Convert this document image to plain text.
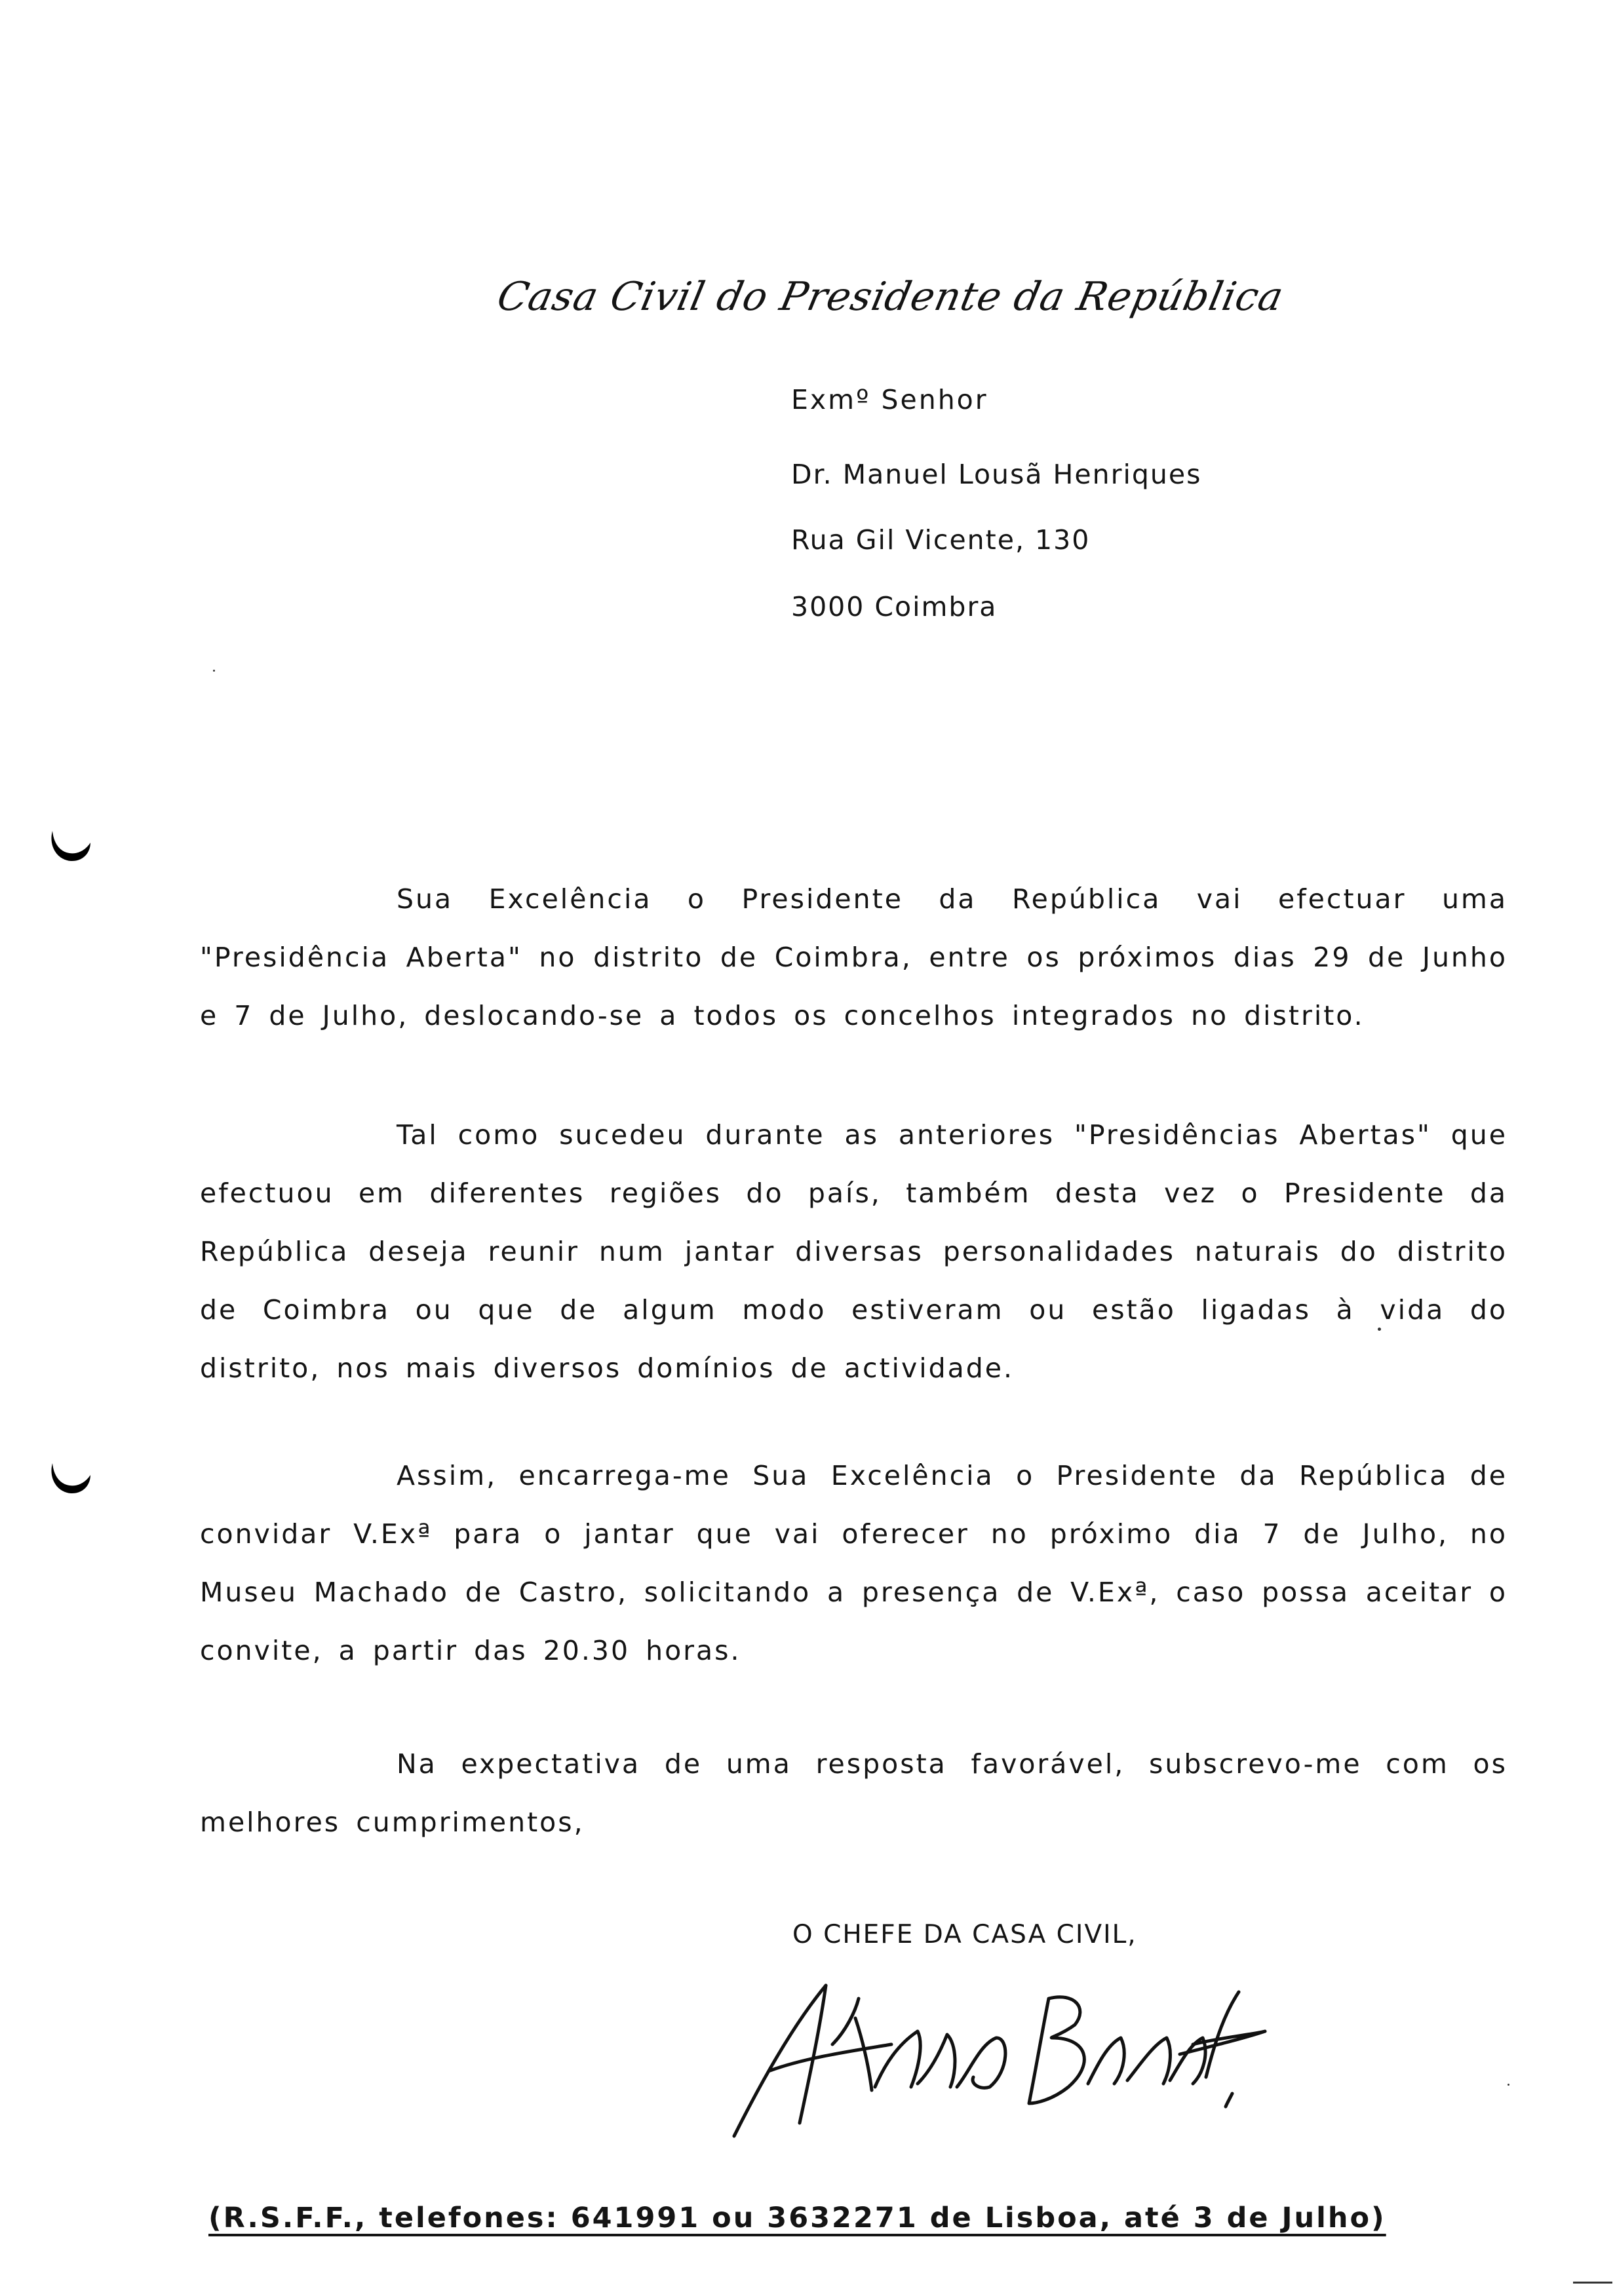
Casa Civil do Presidente da República
Exmº Senhor
Dr. Manuel Lousã Henriques
Rua Gil Vicente, 130
3000 Coimbra

Sua Excelência o Presidente da República vai efectuar uma "Presidência Aberta" no distrito de Coimbra, entre os próximos dias 29 de Junho e 7 de Julho, deslocando-se a todos os concelhos integrados no distrito.

Tal como sucedeu durante as anteriores "Presidências Abertas" que efectuou em diferentes regiões do país, também desta vez o Presidente da República deseja reunir num jantar diversas personalidades naturais do distrito de Coimbra ou que de algum modo estiveram ou estão ligadas à vida do distrito, nos mais diversos domínios de actividade.

Assim, encarrega-me Sua Excelência o Presidente da República de convidar V.Exª para o jantar que vai oferecer no próximo dia 7 de Julho, no Museu Machado de Castro, solicitando a presença de V.Exª, caso possa aceitar o convite, a partir das 20.30 horas.

Na expectativa de uma resposta favorável, subscrevo-me com os melhores cumprimentos,

O CHEFE DA CASA CIVIL,
(R.S.F.F., telefones: 641991 ou 3632271 de Lisboa, até 3 de Julho)
